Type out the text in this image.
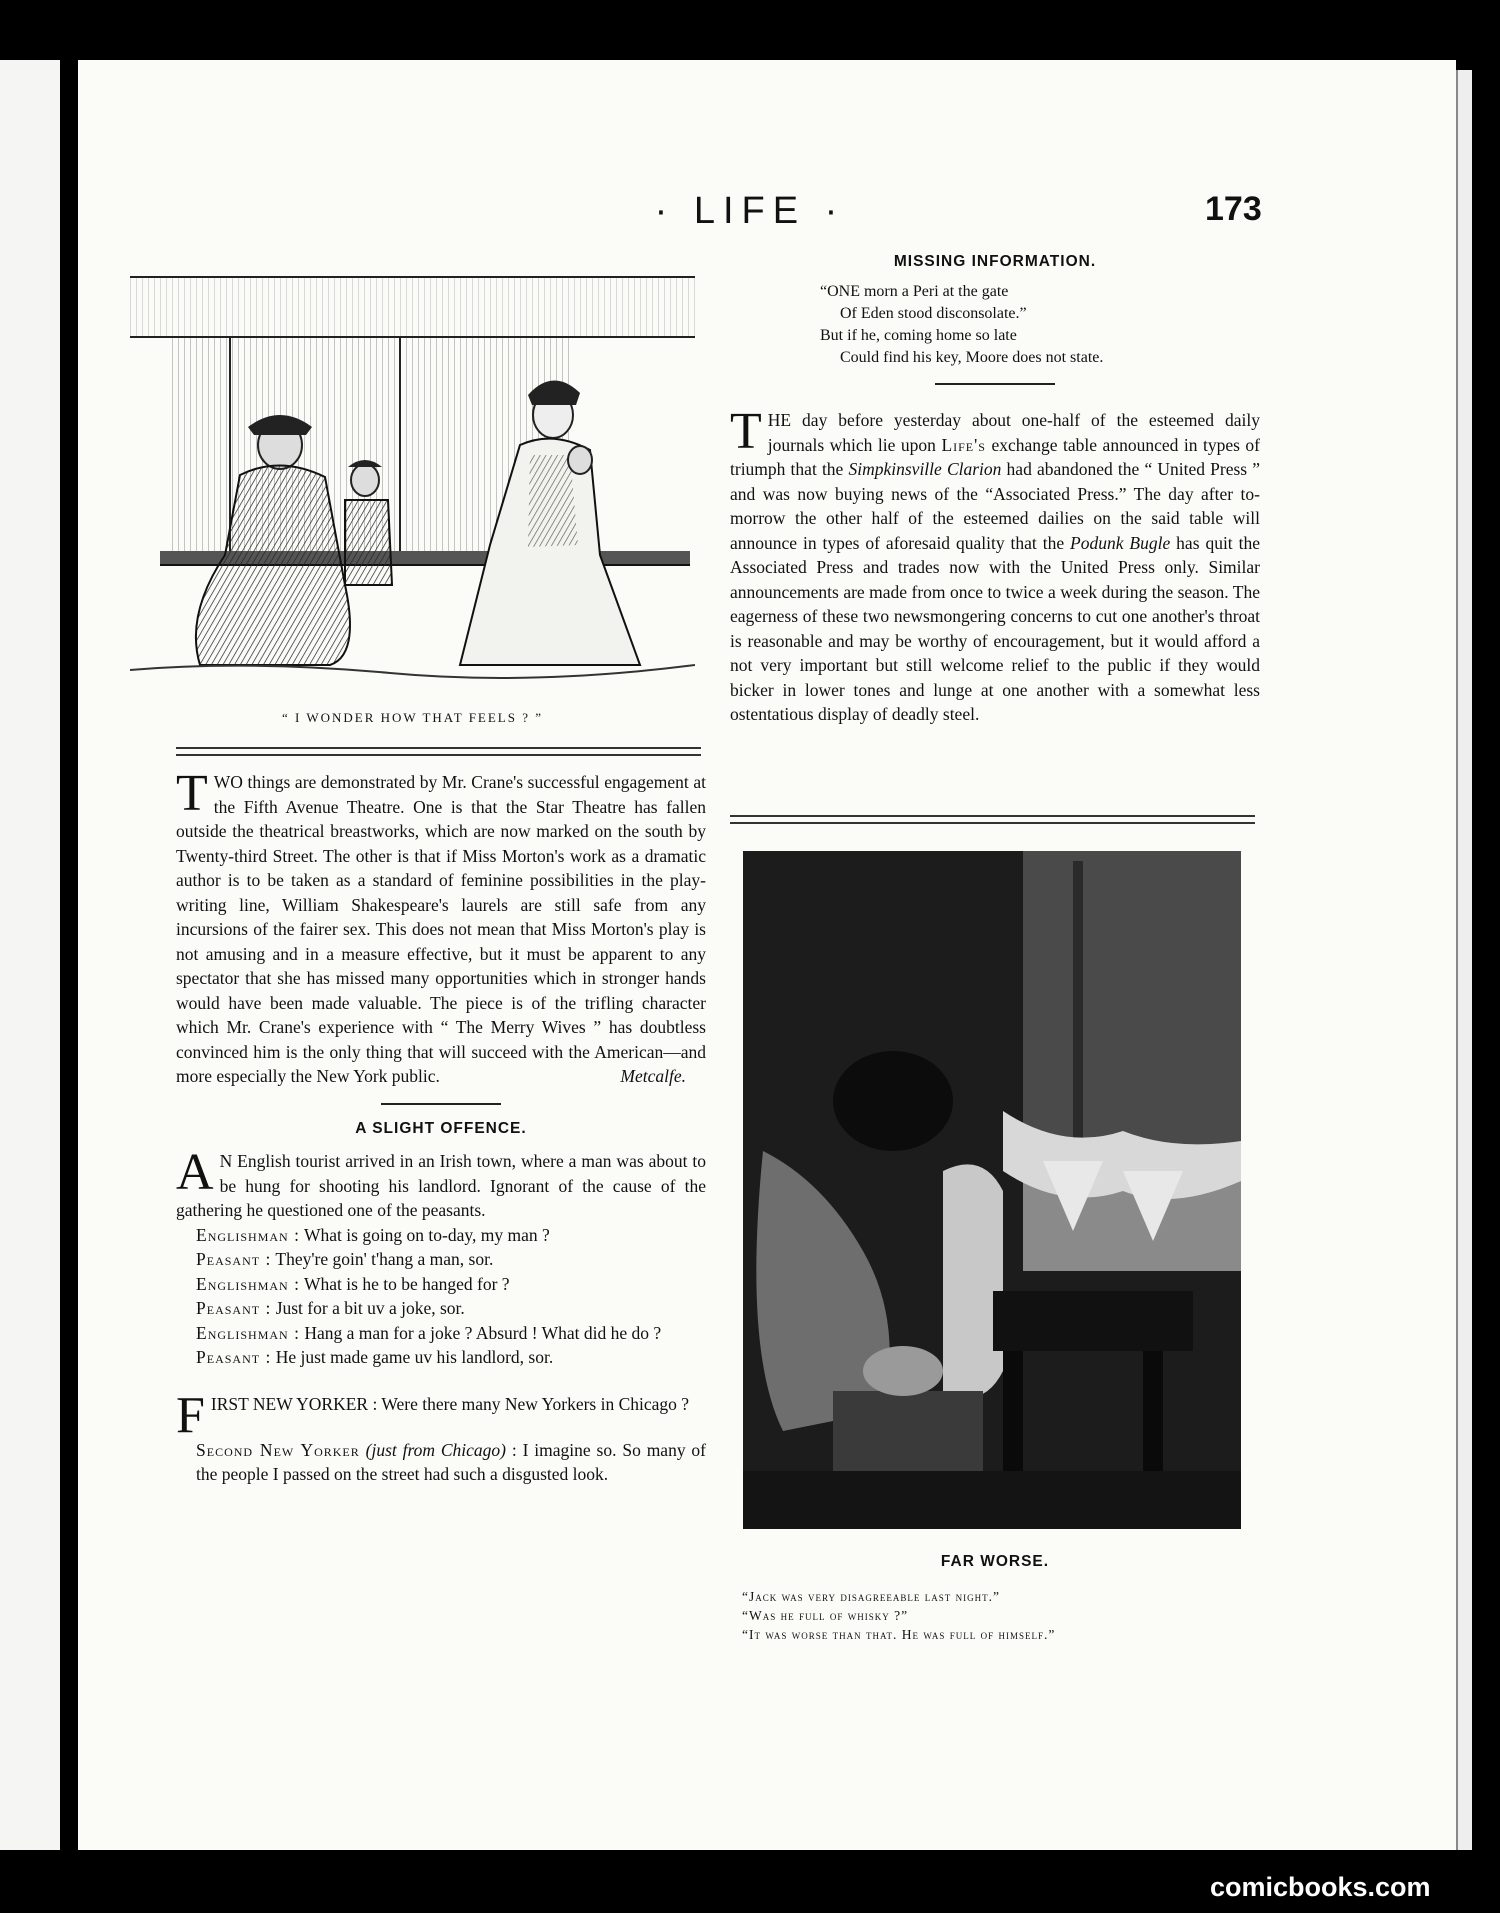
· LIFE ·	173
“ I WONDER HOW THAT FEELS ? ”
TWO things are demonstrated by Mr. Crane's successful engagement at the Fifth Avenue Theatre. One is that the Star Theatre has fallen outside the theatrical breastworks, which are now marked on the south by Twenty-third Street. The other is that if Miss Morton's work as a dramatic author is to be taken as a standard of feminine possibilities in the play-writing line, William Shakespeare's laurels are still safe from any incursions of the fairer sex. This does not mean that Miss Morton's play is not amusing and in a measure effective, but it must be apparent to any spectator that she has missed many opportunities which in stronger hands would have been made valuable. The piece is of the trifling character which Mr. Crane's experience with “ The Merry Wives ” has doubtless convinced him is the only thing that will succeed with the American—and more especially the New York public.	Metcalfe.
A SLIGHT OFFENCE.
A N English tourist arrived in an Irish town, where a man was about to be hung for shooting his landlord. Ignorant of the cause of the gathering he questioned one of the peasants.
Englishman : What is going on to-day, my man ?
Peasant : They're goin' t'hang a man, sor.
Englishman : What is he to be hanged for ?
Peasant : Just for a bit uv a joke, sor.
Englishman : Hang a man for a joke ? Absurd ! What did he do ?
Peasant : He just made game uv his landlord, sor.
FIRST NEW YORKER : Were there many New Yorkers in Chicago ?
Second New Yorker (just from Chicago) : I imagine so. So many of the people I passed on the street had such a disgusted look.
MISSING INFORMATION.
“ONE morn a Peri at the gate
Of Eden stood disconsolate.”
But if he, coming home so late
Could find his key, Moore does not state.
THE day before yesterday about one-half of the esteemed daily journals which lie upon Life's exchange table announced in types of triumph that the Simpkinsville Clarion had abandoned the “ United Press ” and was now buying news of the “Associated Press.” The day after to-morrow the other half of the esteemed dailies on the said table will announce in types of aforesaid quality that the Podunk Bugle has quit the Associated Press and trades now with the United Press only. Similar announcements are made from once to twice a week during the season. The eagerness of these two newsmongering concerns to cut one another's throat is reasonable and may be worthy of encouragement, but it would afford a not very important but still welcome relief to the public if they would bicker in lower tones and lunge at one another with a somewhat less ostentatious display of deadly steel.
FAR WORSE.
“Jack was very disagreeable last night.”
“Was he full of whisky ?”
“It was worse than that. He was full of himself.”
comicbooks.com
